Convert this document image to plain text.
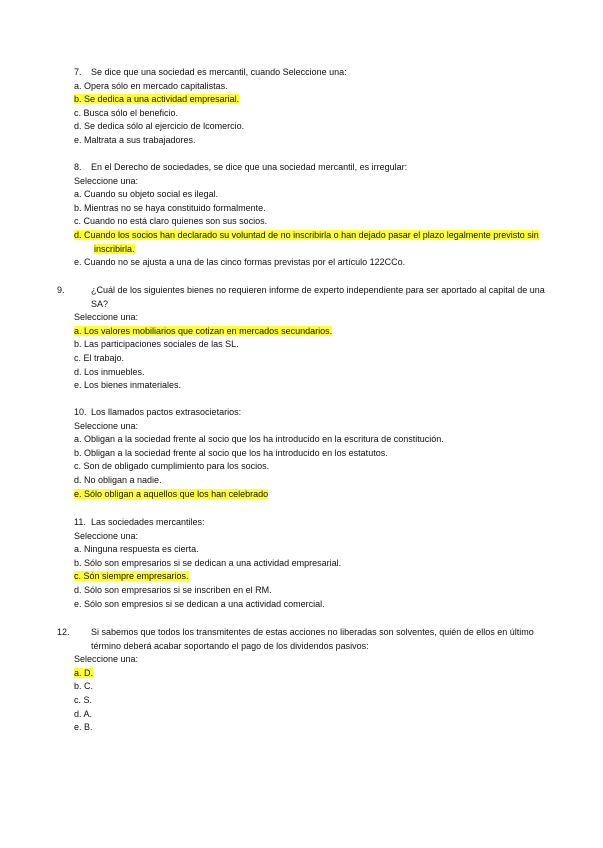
7. Se dice que una sociedad es mercantil, cuando Seleccione una:
a. Opera sólo en mercado capitalistas.
b. Se dedica a una actividad empresarial.
c. Busca sólo el beneficio.
d. Se dedica sólo al ejercicio de lcomercio.
e. Maltrata a sus trabajadores.
8. En el Derecho de sociedades, se dice que una sociedad mercantil, es irregular:
Seleccione una:
a. Cuando su objeto social es ilegal.
b. Mientras no se haya constituido formalmente.
c. Cuando no está claro quienes son sus socios.
d. Cuando los socios han declarado su voluntad de no inscribirla o han dejado pasar el plazo legalmente previsto sin inscribirla.
e. Cuando no se ajusta a una de las cinco formas previstas por el artículo 122CCo.
9.	¿Cuál de los siguientes bienes no requieren informe de experto independiente para ser aportado al capital de una SA?
Seleccione una:
a. Los valores mobiliarios que cotizan en mercados secundarios.
b. Las participaciones sociales de las SL.
c. El trabajo.
d. Los inmuebles.
e. Los bienes inmateriales.
10. Los llamados pactos extrasocietarios:
Seleccione una:
a. Obligan a la sociedad frente al socio que los ha introducido en la escritura de constitución.
b. Obligan a la sociedad frente al socio que los ha introducido en los estatutos.
c. Son de obligado cumplimiento para los socios.
d. No obligan a nadie.
e. Sólo obligan a aquellos que los han celebrado
11. Las sociedades mercantiles:
Seleccione una:
a. Ninguna respuesta es cierta.
b. Sólo son empresarios si se dedican a una actividad empresarial.
c. Són siempre empresarios.
d. Sólo son empresarios si se inscriben en el RM.
e. Sólo son empresios si se dedican a una actividad comercial.
12. Si sabemos que todos los transmitentes de estas acciones no liberadas son solventes, quién de ellos en último término deberá acabar soportando el pago de los dividendos pasivos:
Seleccione una:
a. D.
b. C.
c. S.
d. A.
e. B.
